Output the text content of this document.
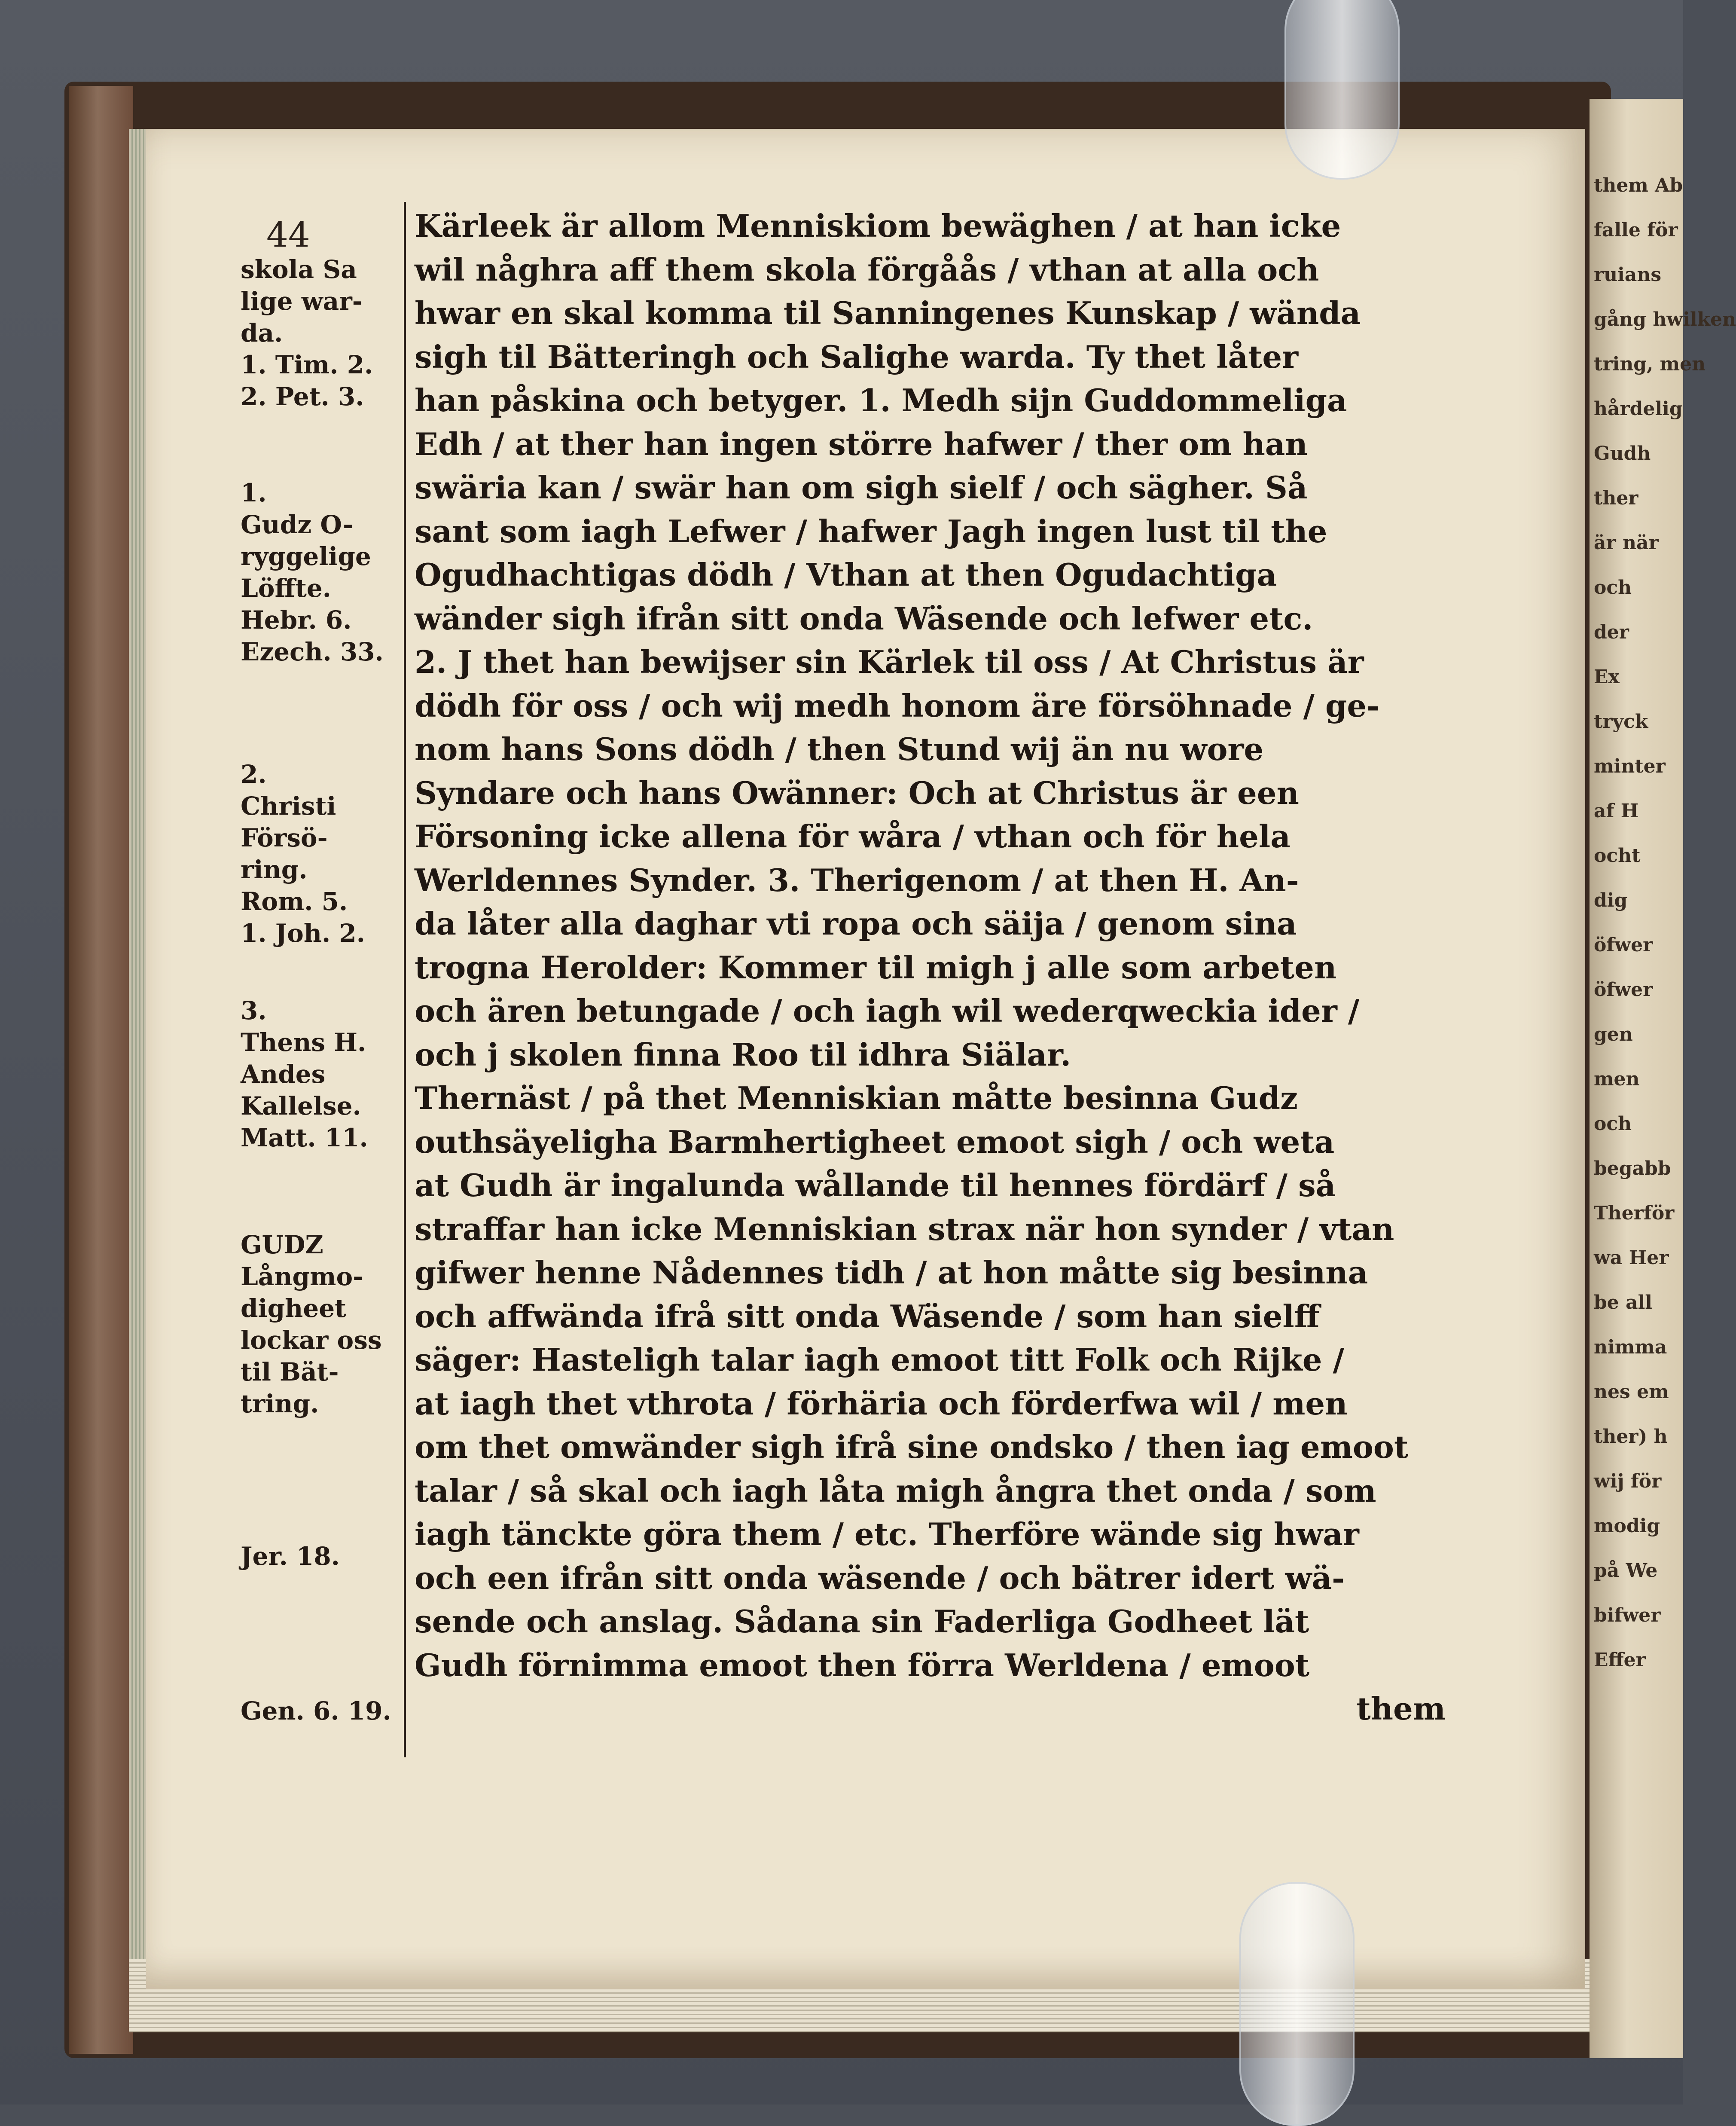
them Ab
falle för
ruians
gång hwilken
tring, men
hårdelig
Gudh
ther
är när
och
der
Ex
tryck
minter
af H
ocht
dig
öfwer
öfwer
gen
men
och
begabb
Therför
wa Her
be all
nimma
nes em
ther) h
wij för
modig
på We
bifwer
Effer
44
skola Sa
lige war-
da.
1. Tim. 2.
2. Pet. 3.
1.
Gudz O-
ryggelige
Löffte.
Hebr. 6.
Ezech. 33.
2.
Christi
Försö-
ring.
Rom. 5.
1. Joh. 2.
3.
Thens H.
Andes
Kallelse.
Matt. 11.
GUDZ
Långmo-
digheet
lockar oss
til Bät-
tring.
Jer. 18.
Gen. 6. 19.
Kärleek är allom Menniskiom bewäghen / at han icke
wil någhra aff them skola förgåås / vthan at alla och
hwar en skal komma til Sanningenes Kunskap / wända
sigh til Bätteringh och Salighe warda. Ty thet låter
han påskina och betyger. 1. Medh sijn Guddommeliga
Edh / at ther han ingen större hafwer / ther om han
swäria kan / swär han om sigh sielf / och sägher. Så
sant som iagh Lefwer / hafwer Jagh ingen lust til the
Ogudhachtigas dödh / Vthan at then Ogudachtiga
wänder sigh ifrån sitt onda Wäsende och lefwer etc.
2. J thet han bewijser sin Kärlek til oss / At Christus är
dödh för oss / och wij medh honom äre försöhnade / ge-
nom hans Sons dödh / then Stund wij än nu wore
Syndare och hans Owänner: Och at Christus är een
Försoning icke allena för wåra / vthan och för hela
Werldennes Synder. 3. Therigenom / at then H. An-
da låter alla daghar vti ropa och säija / genom sina
trogna Herolder: Kommer til migh j alle som arbeten
och ären betungade / och iagh wil wederqweckia ider /
och j skolen finna Roo til idhra Siälar.
Thernäst / på thet Menniskian måtte besinna Gudz
outhsäyeligha Barmhertigheet emoot sigh / och weta
at Gudh är ingalunda wållande til hennes fördärf / så
straffar han icke Menniskian strax när hon synder / vtan
gifwer henne Nådennes tidh / at hon måtte sig besinna
och affwända ifrå sitt onda Wäsende / som han sielff
säger: Hasteligh talar iagh emoot titt Folk och Rijke /
at iagh thet vthrota / förhäria och förderfwa wil / men
om thet omwänder sigh ifrå sine ondsko / then iag emoot
talar / så skal och iagh låta migh ångra thet onda / som
iagh tänckte göra them / etc. Therföre wände sig hwar
och een ifrån sitt onda wäsende / och bätrer idert wä-
sende och anslag. Sådana sin Faderliga Godheet lät
Gudh förnimma emoot then förra Werldena / emoot
them
